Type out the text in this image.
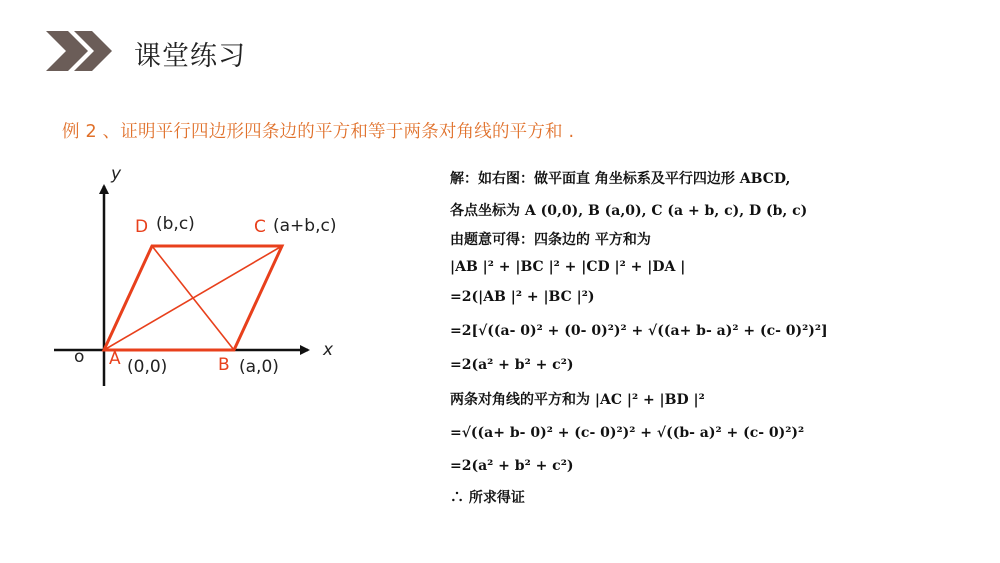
课堂练习
例 2 、证明平行四边形四条边的平方和等于两条对角线的平方和 .
y
x
o A (0,0)	B (a,0)
C (a+b,c)
D (b,c)
解：如右图：做平面直 角坐标系及平行四边形 ABCD,
各点坐标为 A (0,0), B (a,0), C (a + b, c), D (b, c)
由题意可得：四条边的 平方和为
|AB |² + |BC |² + |CD |² + |DA |
=2(|AB |² + |BC |²)
=2[√((a- 0)² + (0- 0)²)² + √((a+ b- a)² + (c- 0)²)²]
=2(a² + b² + c²)
两条对角线的平方和为 |AC |² + |BD |²
=√((a+ b- 0)² + (c- 0)²)² + √((b- a)² + (c- 0)²)²
=2(a² + b² + c²)
∴ 所求得证
